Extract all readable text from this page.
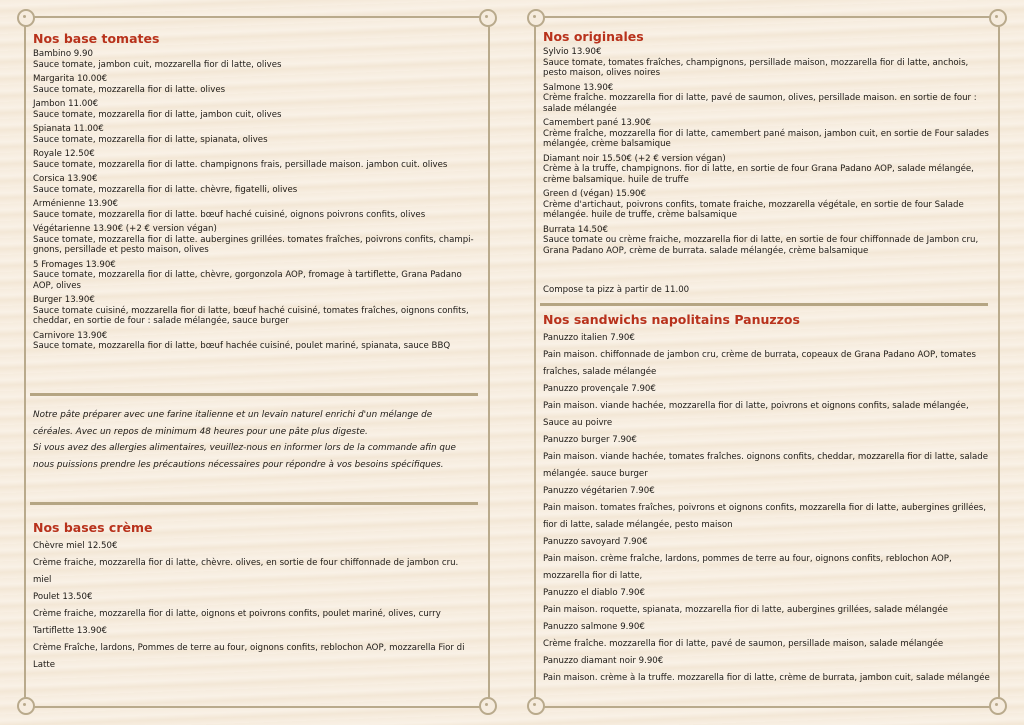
Nos base tomates
Bambino 9.90
Sauce tomate, jambon cuit, mozzarella fior di latte, olives
Margarita 10.00€
Sauce tomate, mozzarella fior di latte. olives
Jambon 11.00€
Sauce tomate, mozzarella fior di latte, jambon cuit, olives
Spianata 11.00€
Sauce tomate, mozzarella fior di latte, spianata, olives
Royale 12.50€
Sauce tomate, mozzarella fior di latte. champignons frais, persillade maison. jambon cuit. olives
Corsica 13.90€
Sauce tomate, mozzarella fior di latte. chèvre, figatelli, olives
Arménienne 13.90€
Sauce tomate, mozzarella fior di latte. bœuf haché cuisiné, oignons poivrons confits, olives
Végétarienne 13.90€ (+2 € version végan)
Sauce tomate, mozzarella fior di latte. aubergines grillées. tomates fraîches, poivrons confits, champi-gnons, persillade et pesto maison, olives
5 Fromages 13.90€
Sauce tomate, mozzarella fior di latte, chèvre, gorgonzola AOP, fromage à tartiflette, Grana Padano AOP, olives
Burger 13.90€
Sauce tomate cuisiné, mozzarella fior di latte, bœuf haché cuisiné, tomates fraîches, oignons confits, cheddar, en sortie de four : salade mélangée, sauce burger
Carnivore 13.90€
Sauce tomate, mozzarella fior di latte, bœuf hachée cuisiné, poulet mariné, spianata, sauce BBQ
Notre pâte préparer avec une farine italienne et un levain naturel enrichi d'un mélange de céréales. Avec un repos de minimum 48 heures pour une pâte plus digeste.
Si vous avez des allergies alimentaires, veuillez-nous en informer lors de la commande afin que nous puissions prendre les précautions nécessaires pour répondre à vos besoins spécifiques.
Nos bases crème
Chèvre miel 12.50€
Crème fraiche, mozzarella fior di latte, chèvre. olives, en sortie de four chiffonnade de jambon cru. miel
Poulet 13.50€
Crème fraiche, mozzarella fior di latte, oignons et poivrons confits, poulet mariné, olives, curry
Tartiflette 13.90€
Crème Fraîche, lardons, Pommes de terre au four, oignons confits, reblochon AOP, mozzarella Fior di Latte
Nos originales
Sylvio 13.90€
Sauce tomate, tomates fraîches, champignons, persillade maison, mozzarella fior di latte, anchois, pesto maison, olives noires
Salmone 13.90€
Crème fraîche. mozzarella fior di latte, pavé de saumon, olives, persillade maison. en sortie de four : salade mélangée
Camembert pané 13.90€
Crème fraîche, mozzarella fior di latte, camembert pané maison, jambon cuit, en sortie de Four salades mélangée, crème balsamique
Diamant noir 15.50€ (+2 € version végan)
Crème à la truffe, champignons. fior di latte, en sortie de four Grana Padano AOP, salade mélangée, crème balsamique. huile de truffe
Green d (végan) 15.90€
Crème d'artichaut, poivrons confits, tomate fraiche, mozzarella végétale, en sortie de four Salade mélangée. huile de truffe, crème balsamique
Burrata 14.50€
Sauce tomate ou crème fraiche, mozzarella fior di latte, en sortie de four chiffonnade de Jambon cru, Grana Padano AOP, crème de burrata. salade mélangée, crème balsamique
Compose ta pizz à partir de 11.00
Nos sandwichs napolitains Panuzzos
Panuzzo italien 7.90€
Pain maison. chiffonnade de jambon cru, crème de burrata, copeaux de Grana Padano AOP, tomates fraîches, salade mélangée
Panuzzo provençale 7.90€
Pain maison. viande hachée, mozzarella fior di latte, poivrons et oignons confits, salade mélangée, Sauce au poivre
Panuzzo burger 7.90€
Pain maison. viande hachée, tomates fraîches. oignons confits, cheddar, mozzarella fior di latte, salade mélangée. sauce burger
Panuzzo végétarien 7.90€
Pain maison. tomates fraîches, poivrons et oignons confits, mozzarella fior di latte, aubergines grillées, fior di latte, salade mélangée, pesto maison
Panuzzo savoyard 7.90€
Pain maison. crème fraîche, lardons, pommes de terre au four, oignons confits, reblochon AOP, mozzarella fior di latte,
Panuzzo el diablo 7.90€
Pain maison. roquette, spianata, mozzarella fior di latte, aubergines grillées, salade mélangée
Panuzzo salmone 9.90€
Crème fraîche. mozzarella fior di latte, pavé de saumon, persillade maison, salade mélangée
Panuzzo diamant noir 9.90€
Pain maison. crème à la truffe. mozzarella fior di latte, crème de burrata, jambon cuit, salade mélangée
